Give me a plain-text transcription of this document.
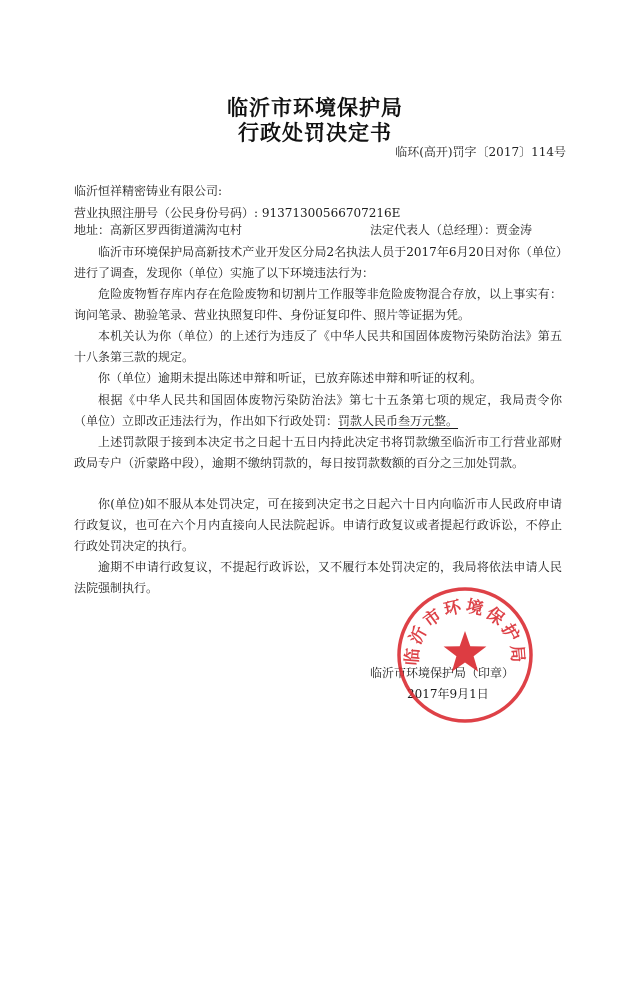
临沂市环境保护局
行政处罚决定书
临环(高开)罚字〔2017〕114号
临沂恒祥精密铸业有限公司:
营业执照注册号（公民身份号码）: 91371300566707216E
地址：高新区罗西街道满沟屯村	法定代表人（总经理）：贾金涛

临沂市环境保护局高新技术产业开发区分局2名执法人员于2017年6月20日对你（单位）进行了调查，发现你（单位）实施了以下环境违法行为：

危险废物暂存库内存在危险废物和切割片工作服等非危险废物混合存放，以上事实有：询问笔录、勘验笔录、营业执照复印件、身份证复印件、照片等证据为凭。

本机关认为你（单位）的上述行为违反了《中华人民共和国固体废物污染防治法》第五十八条第三款的规定。

你（单位）逾期未提出陈述申辩和听证，已放弃陈述申辩和听证的权利。

根据《中华人民共和国固体废物污染防治法》第七十五条第七项的规定，我局责令你（单位）立即改正违法行为，作出如下行政处罚：罚款人民币叁万元整。

上述罚款限于接到本决定书之日起十五日内持此决定书将罚款缴至临沂市工行营业部财政局专户（沂蒙路中段），逾期不缴纳罚款的，每日按罚款数额的百分之三加处罚款。

你(单位)如不服从本处罚决定，可在接到决定书之日起六十日内向临沂市人民政府申请行政复议，也可在六个月内直接向人民法院起诉。申请行政复议或者提起行政诉讼，不停止行政处罚决定的执行。

逾期不申请行政复议，不提起行政诉讼，又不履行本处罚决定的，我局将依法申请人民法院强制执行。

临沂市环境保护局（印章）
2017年9月1日
临沂市环境保护局
